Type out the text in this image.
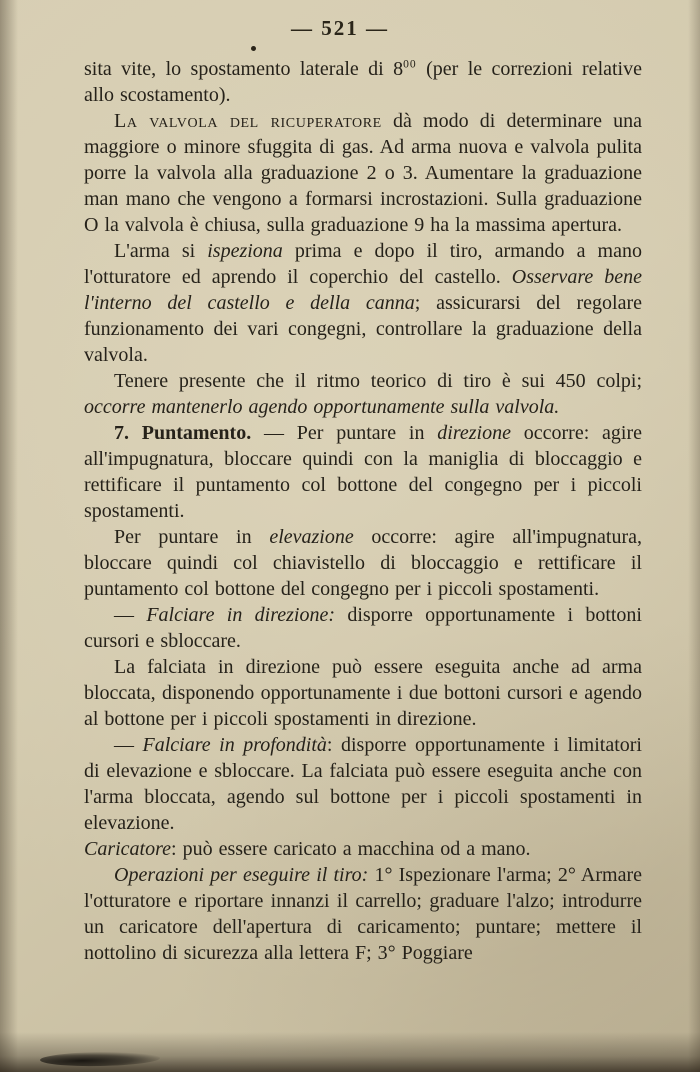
— 521 —

sita vite, lo spostamento laterale di $8^{00}$ (per le correzioni relative allo scostamento).

La valvola del ricuperatore dà modo di determinare una maggiore o minore sfuggita di gas. Ad arma nuova e valvola pulita porre la valvola alla graduazione 2 o 3. Aumentare la graduazione man mano che vengono a formarsi incrostazioni. Sulla graduazione O la valvola è chiusa, sulla graduazione 9 ha la massima apertura.

L'arma si ispeziona prima e dopo il tiro, armando a mano l'otturatore ed aprendo il coperchio del castello. Osservare bene l'interno del castello e della canna; assicurarsi del regolare funzionamento dei vari congegni, controllare la graduazione della valvola.

Tenere presente che il ritmo teorico di tiro è sui 450 colpi; occorre mantenerlo agendo opportunamente sulla valvola.

7. Puntamento. — Per puntare in direzione occorre: agire all'impugnatura, bloccare quindi con la maniglia di bloccaggio e rettificare il puntamento col bottone del congegno per i piccoli spostamenti.

Per puntare in elevazione occorre: agire all'impugnatura, bloccare quindi col chiavistello di bloccaggio e rettificare il puntamento col bottone del congegno per i piccoli spostamenti.

— Falciare in direzione: disporre opportunamente i bottoni cursori e sbloccare.

La falciata in direzione può essere eseguita anche ad arma bloccata, disponendo opportunamente i due bottoni cursori e agendo al bottone per i piccoli spostamenti in direzione.

— Falciare in profondità: disporre opportunamente i limitatori di elevazione e sbloccare. La falciata può essere eseguita anche con l'arma bloccata, agendo sul bottone per i piccoli spostamenti in elevazione.

Caricatore: può essere caricato a macchina od a mano.

Operazioni per eseguire il tiro: 1° Ispezionare l'arma; 2° Armare l'otturatore e riportare innanzi il carrello; graduare l'alzo; introdurre un caricatore dell'apertura di caricamento; puntare; mettere il nottolino di sicurezza alla lettera F; 3° Poggiare
